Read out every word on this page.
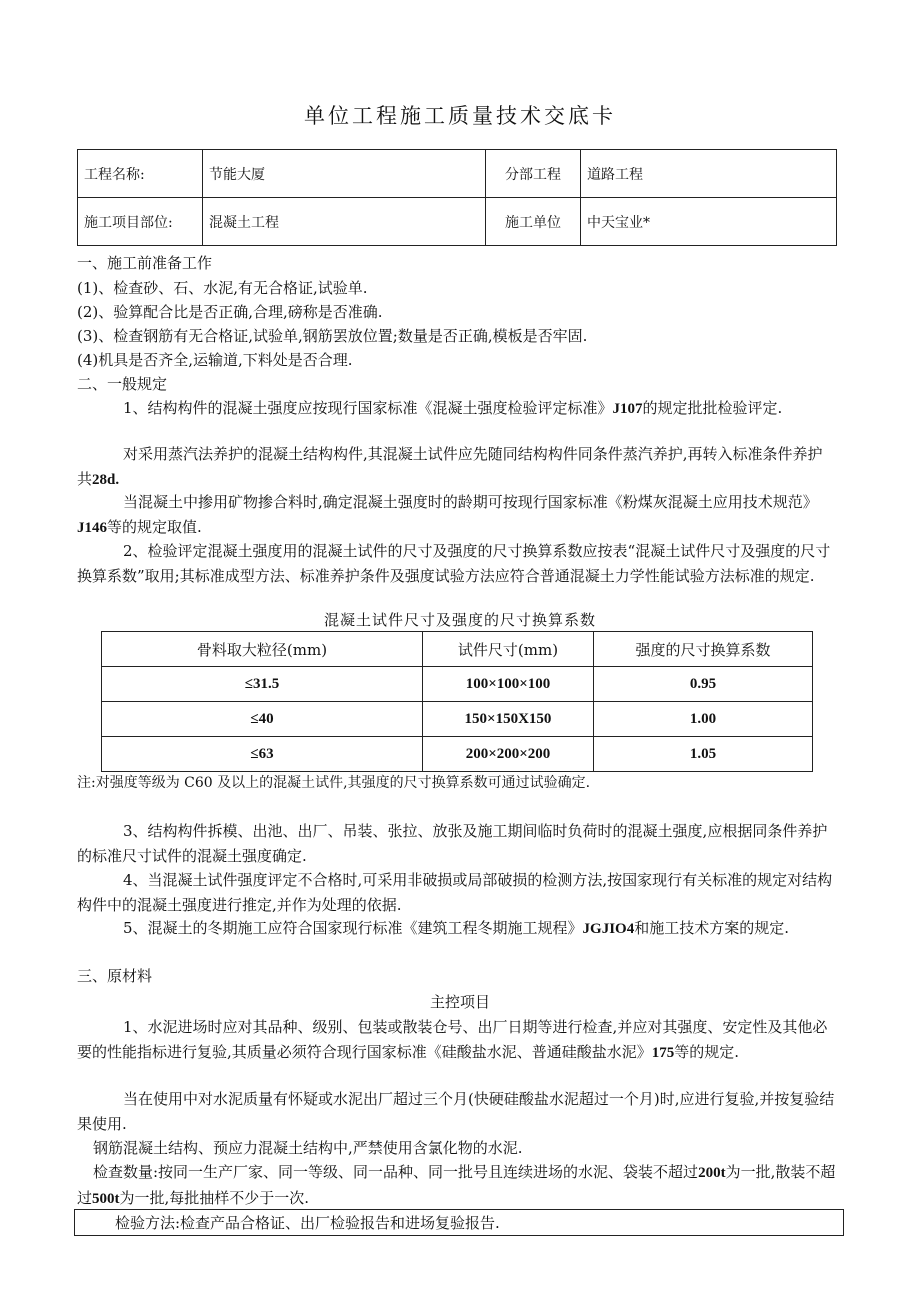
单位工程施工质量技术交底卡
工程名称:	节能大厦	分部工程	道路工程
施工项目部位:	混凝土工程	施工单位	中天宝业*

一、施工前准备工作

(1)、检查砂、石、水泥,有无合格证,试验单.

(2)、验算配合比是否正确,合理,磅称是否准确.

(3)、检查钢筋有无合格证,试验单,钢筋罢放位置;数量是否正确,模板是否牢固.

(4)机具是否齐全,运输道,下料处是否合理.

二、一般规定

1、结构构件的混凝土强度应按现行国家标准《混凝土强度检验评定标准》J107的规定批批检验评定.

对采用蒸汽法养护的混凝土结构构件,其混凝土试件应先随同结构构件同条件蒸汽养护,再转入标准条件养护共28d.

当混凝土中掺用矿物掺合料时,确定混凝土强度时的龄期可按现行国家标准《粉煤灰混凝土应用技术规范》J146等的规定取值.

2、检验评定混凝土强度用的混凝土试件的尺寸及强度的尺寸换算系数应按表“混凝土试件尺寸及强度的尺寸换算系数”取用;其标准成型方法、标准养护条件及强度试验方法应符合普通混凝土力学性能试验方法标准的规定.

混凝土试件尺寸及强度的尺寸换算系数
骨料取大粒径(mm)	试件尺寸(mm)	强度的尺寸换算系数
≤31.5	100×100×100	0.95
≤40	150×150X150	1.00
≤63	200×200×200	1.05
注:对强度等级为 C60 及以上的混凝土试件,其强度的尺寸换算系数可通过试验确定.

3、结构构件拆模、出池、出厂、吊装、张拉、放张及施工期间临时负荷时的混凝土强度,应根据同条件养护的标准尺寸试件的混凝土强度确定.

4、当混凝土试件强度评定不合格时,可采用非破损或局部破损的检测方法,按国家现行有关标准的规定对结构构件中的混凝土强度进行推定,并作为处理的依据.

5、混凝土的冬期施工应符合国家现行标准《建筑工程冬期施工规程》JGJIO4和施工技术方案的规定.

三、原材料

主控项目

1、水泥进场时应对其品种、级别、包装或散装仓号、出厂日期等进行检查,并应对其强度、安定性及其他必要的性能指标进行复验,其质量必须符合现行国家标准《硅酸盐水泥、普通硅酸盐水泥》175等的规定.

当在使用中对水泥质量有怀疑或水泥出厂超过三个月(快硬硅酸盐水泥超过一个月)时,应进行复验,并按复验结果使用.

钢筋混凝土结构、预应力混凝土结构中,严禁使用含氯化物的水泥.

检查数量:按同一生产厂家、同一等级、同一品种、同一批号且连续进场的水泥、袋装不超过200t为一批,散装不超过500t为一批,每批抽样不少于一次.

检验方法:检查产品合格证、出厂检验报告和进场复验报告.
